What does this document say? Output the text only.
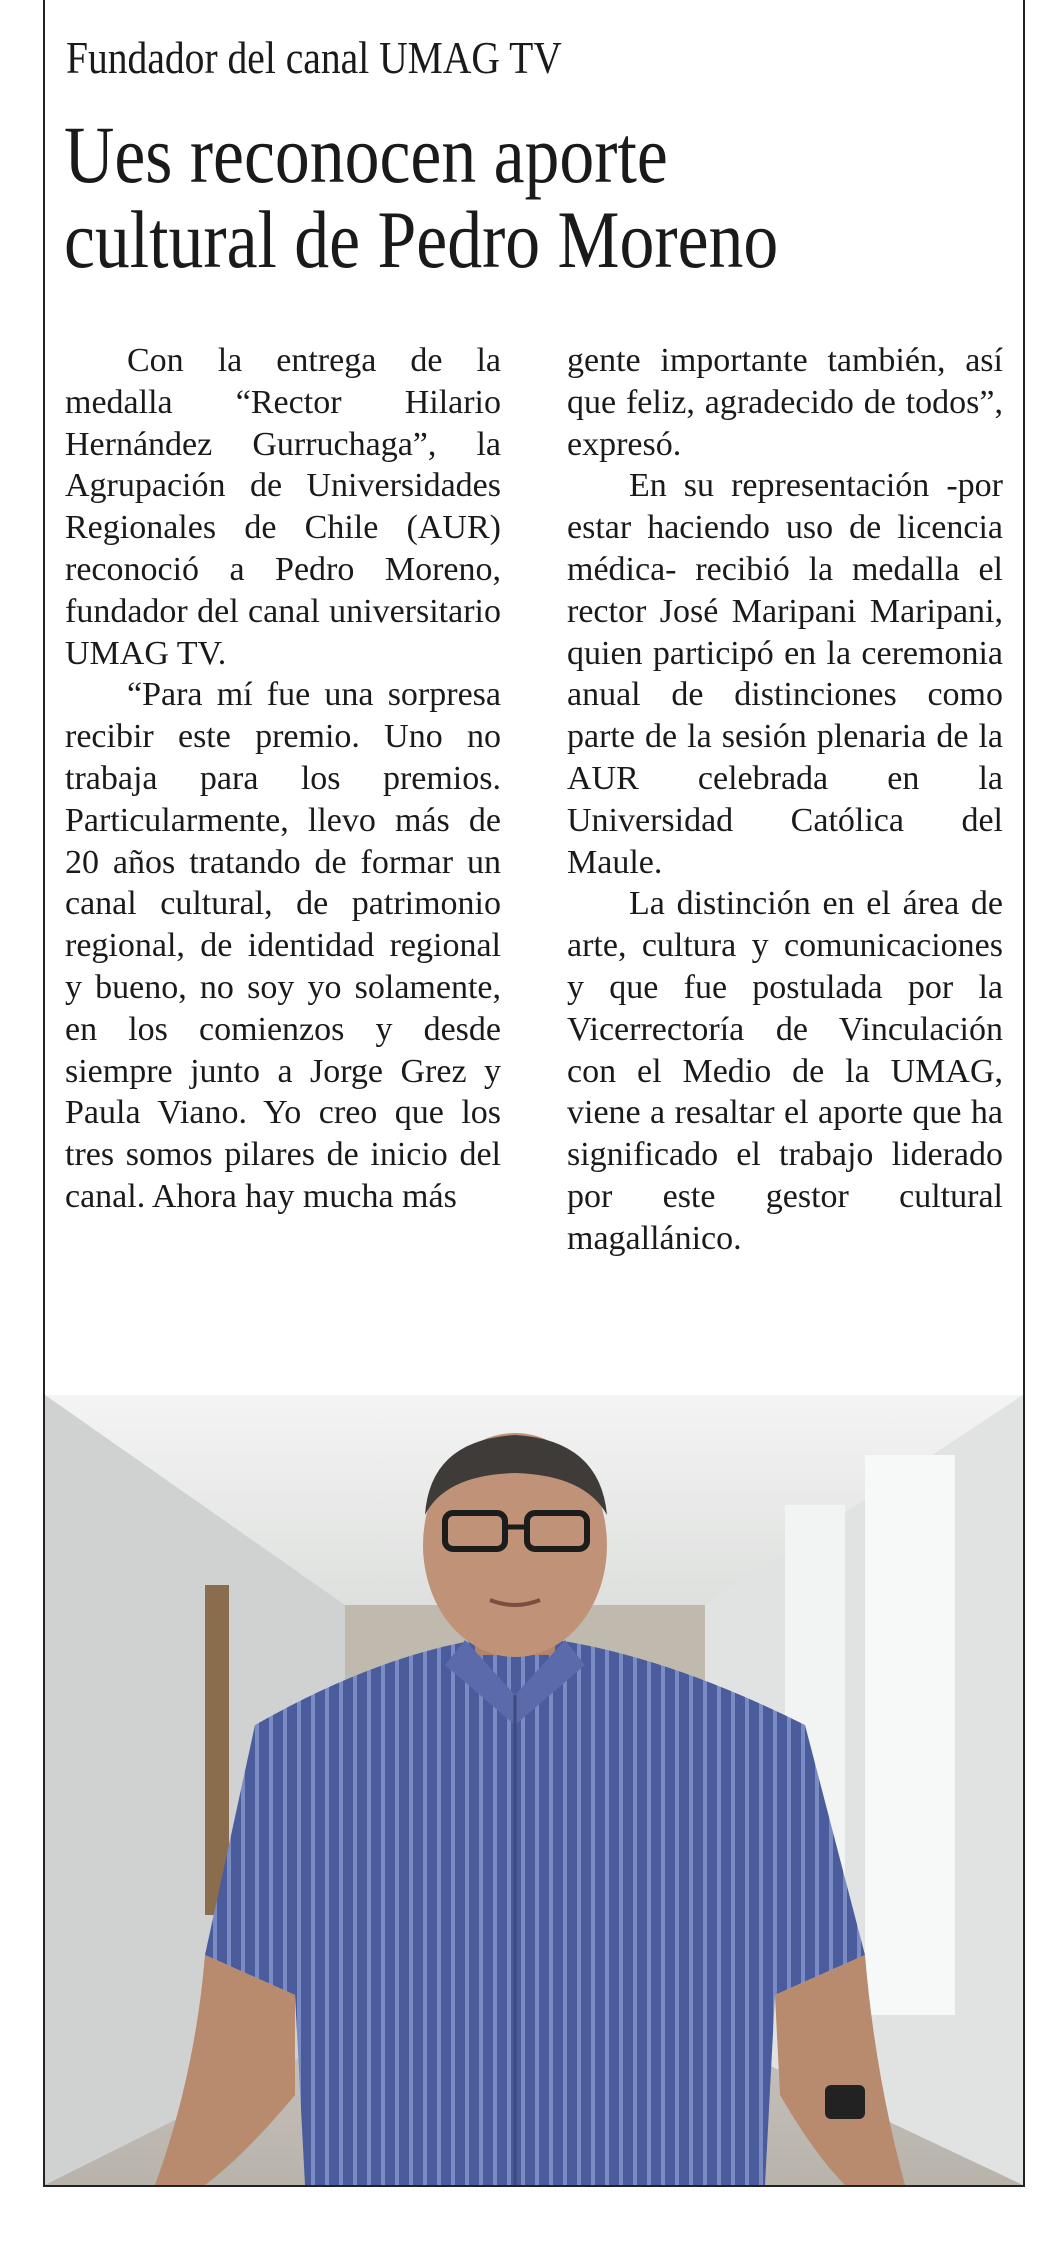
Fundador del canal UMAG TV
Ues reconocen aporte
cultural de Pedro Moreno

Con la entrega de la medalla “Rector Hilario Hernández Gurruchaga”, la Agrupación de Universidades Regionales de Chile (AUR) reconoció a Pedro Moreno, fundador del canal universitario UMAG TV.

“Para mí fue una sorpresa recibir este premio. Uno no trabaja para los premios. Particularmente, llevo más de 20 años tratando de formar un canal cultural, de patrimonio regional, de identidad regional y bueno, no soy yo solamente, en los comienzos y desde siempre junto a Jorge Grez y Paula Viano. Yo creo que los tres somos pilares de inicio del canal. Ahora hay mucha más

gente importante también, así que feliz, agradecido de todos”, expresó.

En su representación -por estar haciendo uso de licencia médica- recibió la medalla el rector José Maripani Maripani, quien participó en la ceremonia anual de distinciones como parte de la sesión plenaria de la AUR celebrada en la Universidad Católica del Maule.

La distinción en el área de arte, cultura y comunicaciones y que fue postulada por la Vicerrectoría de Vinculación con el Medio de la UMAG, viene a resaltar el aporte que ha significado el trabajo liderado por este gestor cultural magallánico.
